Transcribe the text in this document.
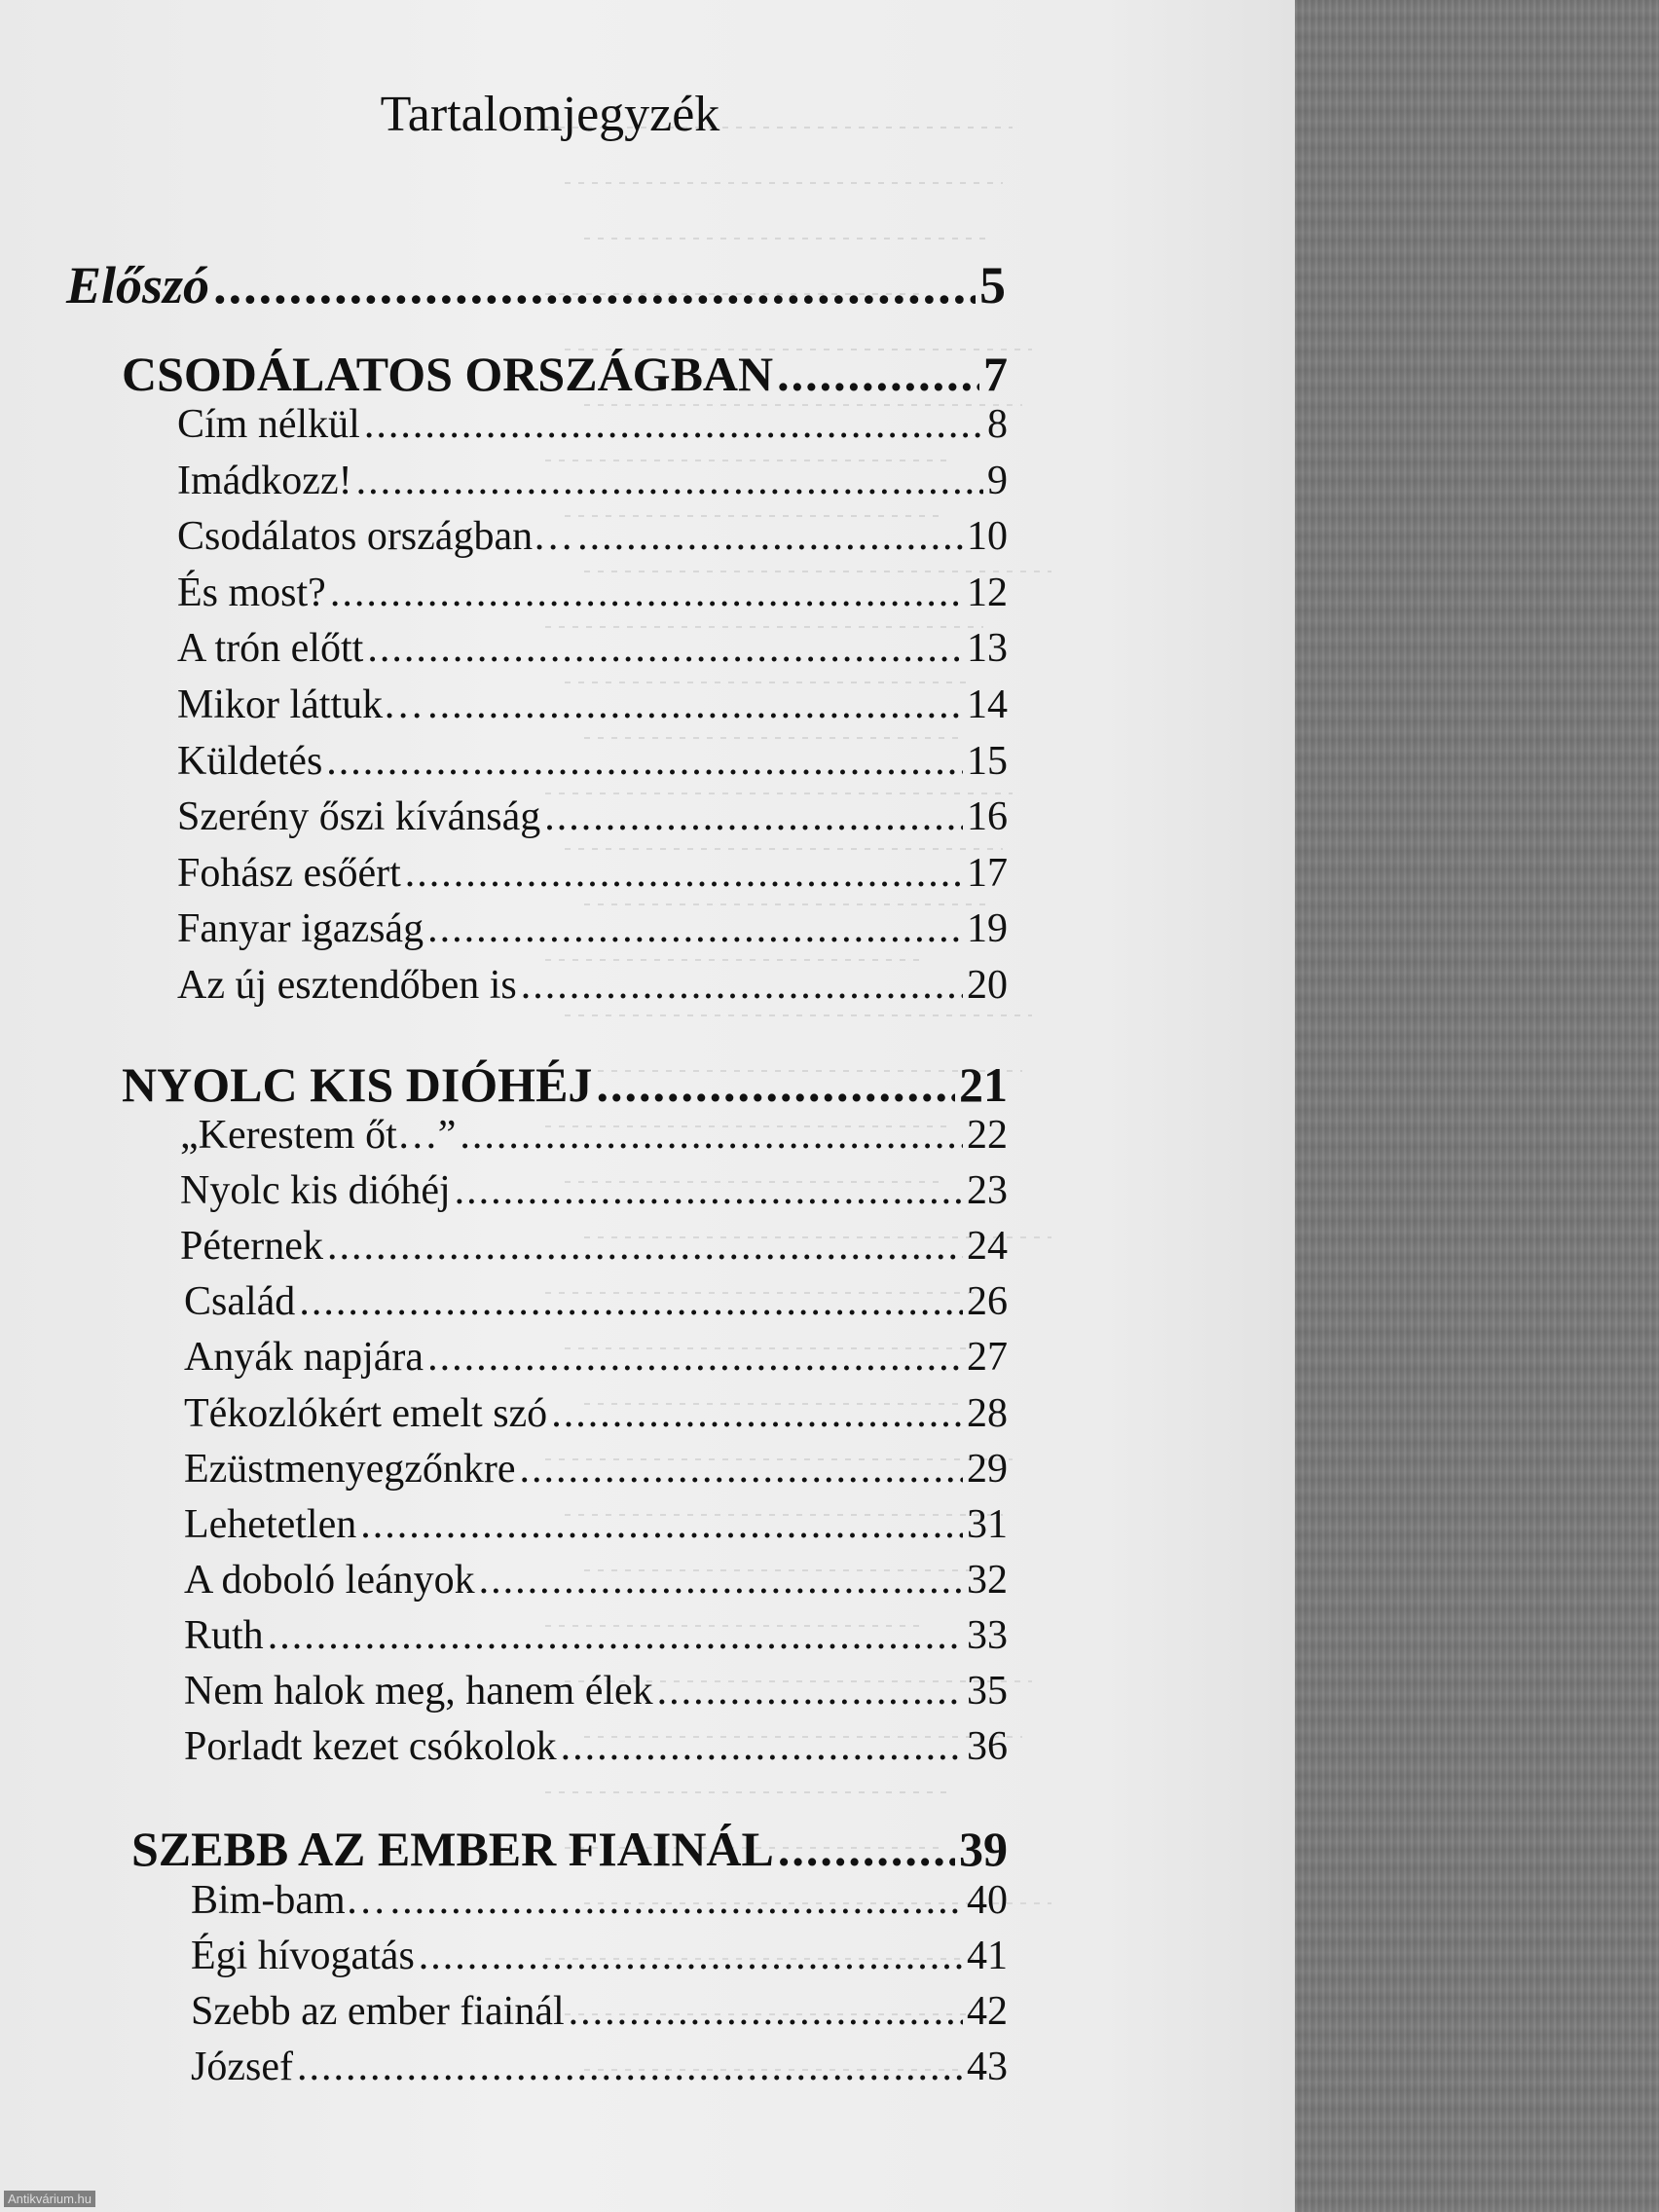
Tartalomjegyzék
Előszó .....	5
CSODÁLATOS ORSZÁGBAN .....	7
Cím nélkül .....	8
Imádkozz! .....	9
Csodálatos országban… .....	10
És most? .....	12
A trón előtt .....	13
Mikor láttuk… .....	14
Küldetés .....	15
Szerény őszi kívánság .....	16
Fohász esőért .....	17
Fanyar igazság .....	19
Az új esztendőben is .....	20
NYOLC KIS DIÓHÉJ .....	21
„Kerestem őt…” .....	22
Nyolc kis dióhéj .....	23
Péternek .....	24
Család .....	26
Anyák napjára .....	27
Tékozlókért emelt szó .....	28
Ezüstmenyegzőnkre .....	29
Lehetetlen .....	31
A doboló leányok .....	32
Ruth .....	33
Nem halok meg, hanem élek .....	35
Porladt kezet csókolok .....	36
SZEBB AZ EMBER FIAINÁL .....	39
Bim-bam… .....	40
Égi hívogatás .....	41
Szebb az ember fiainál .....	42
József .....	43
Antikvárium.hu
